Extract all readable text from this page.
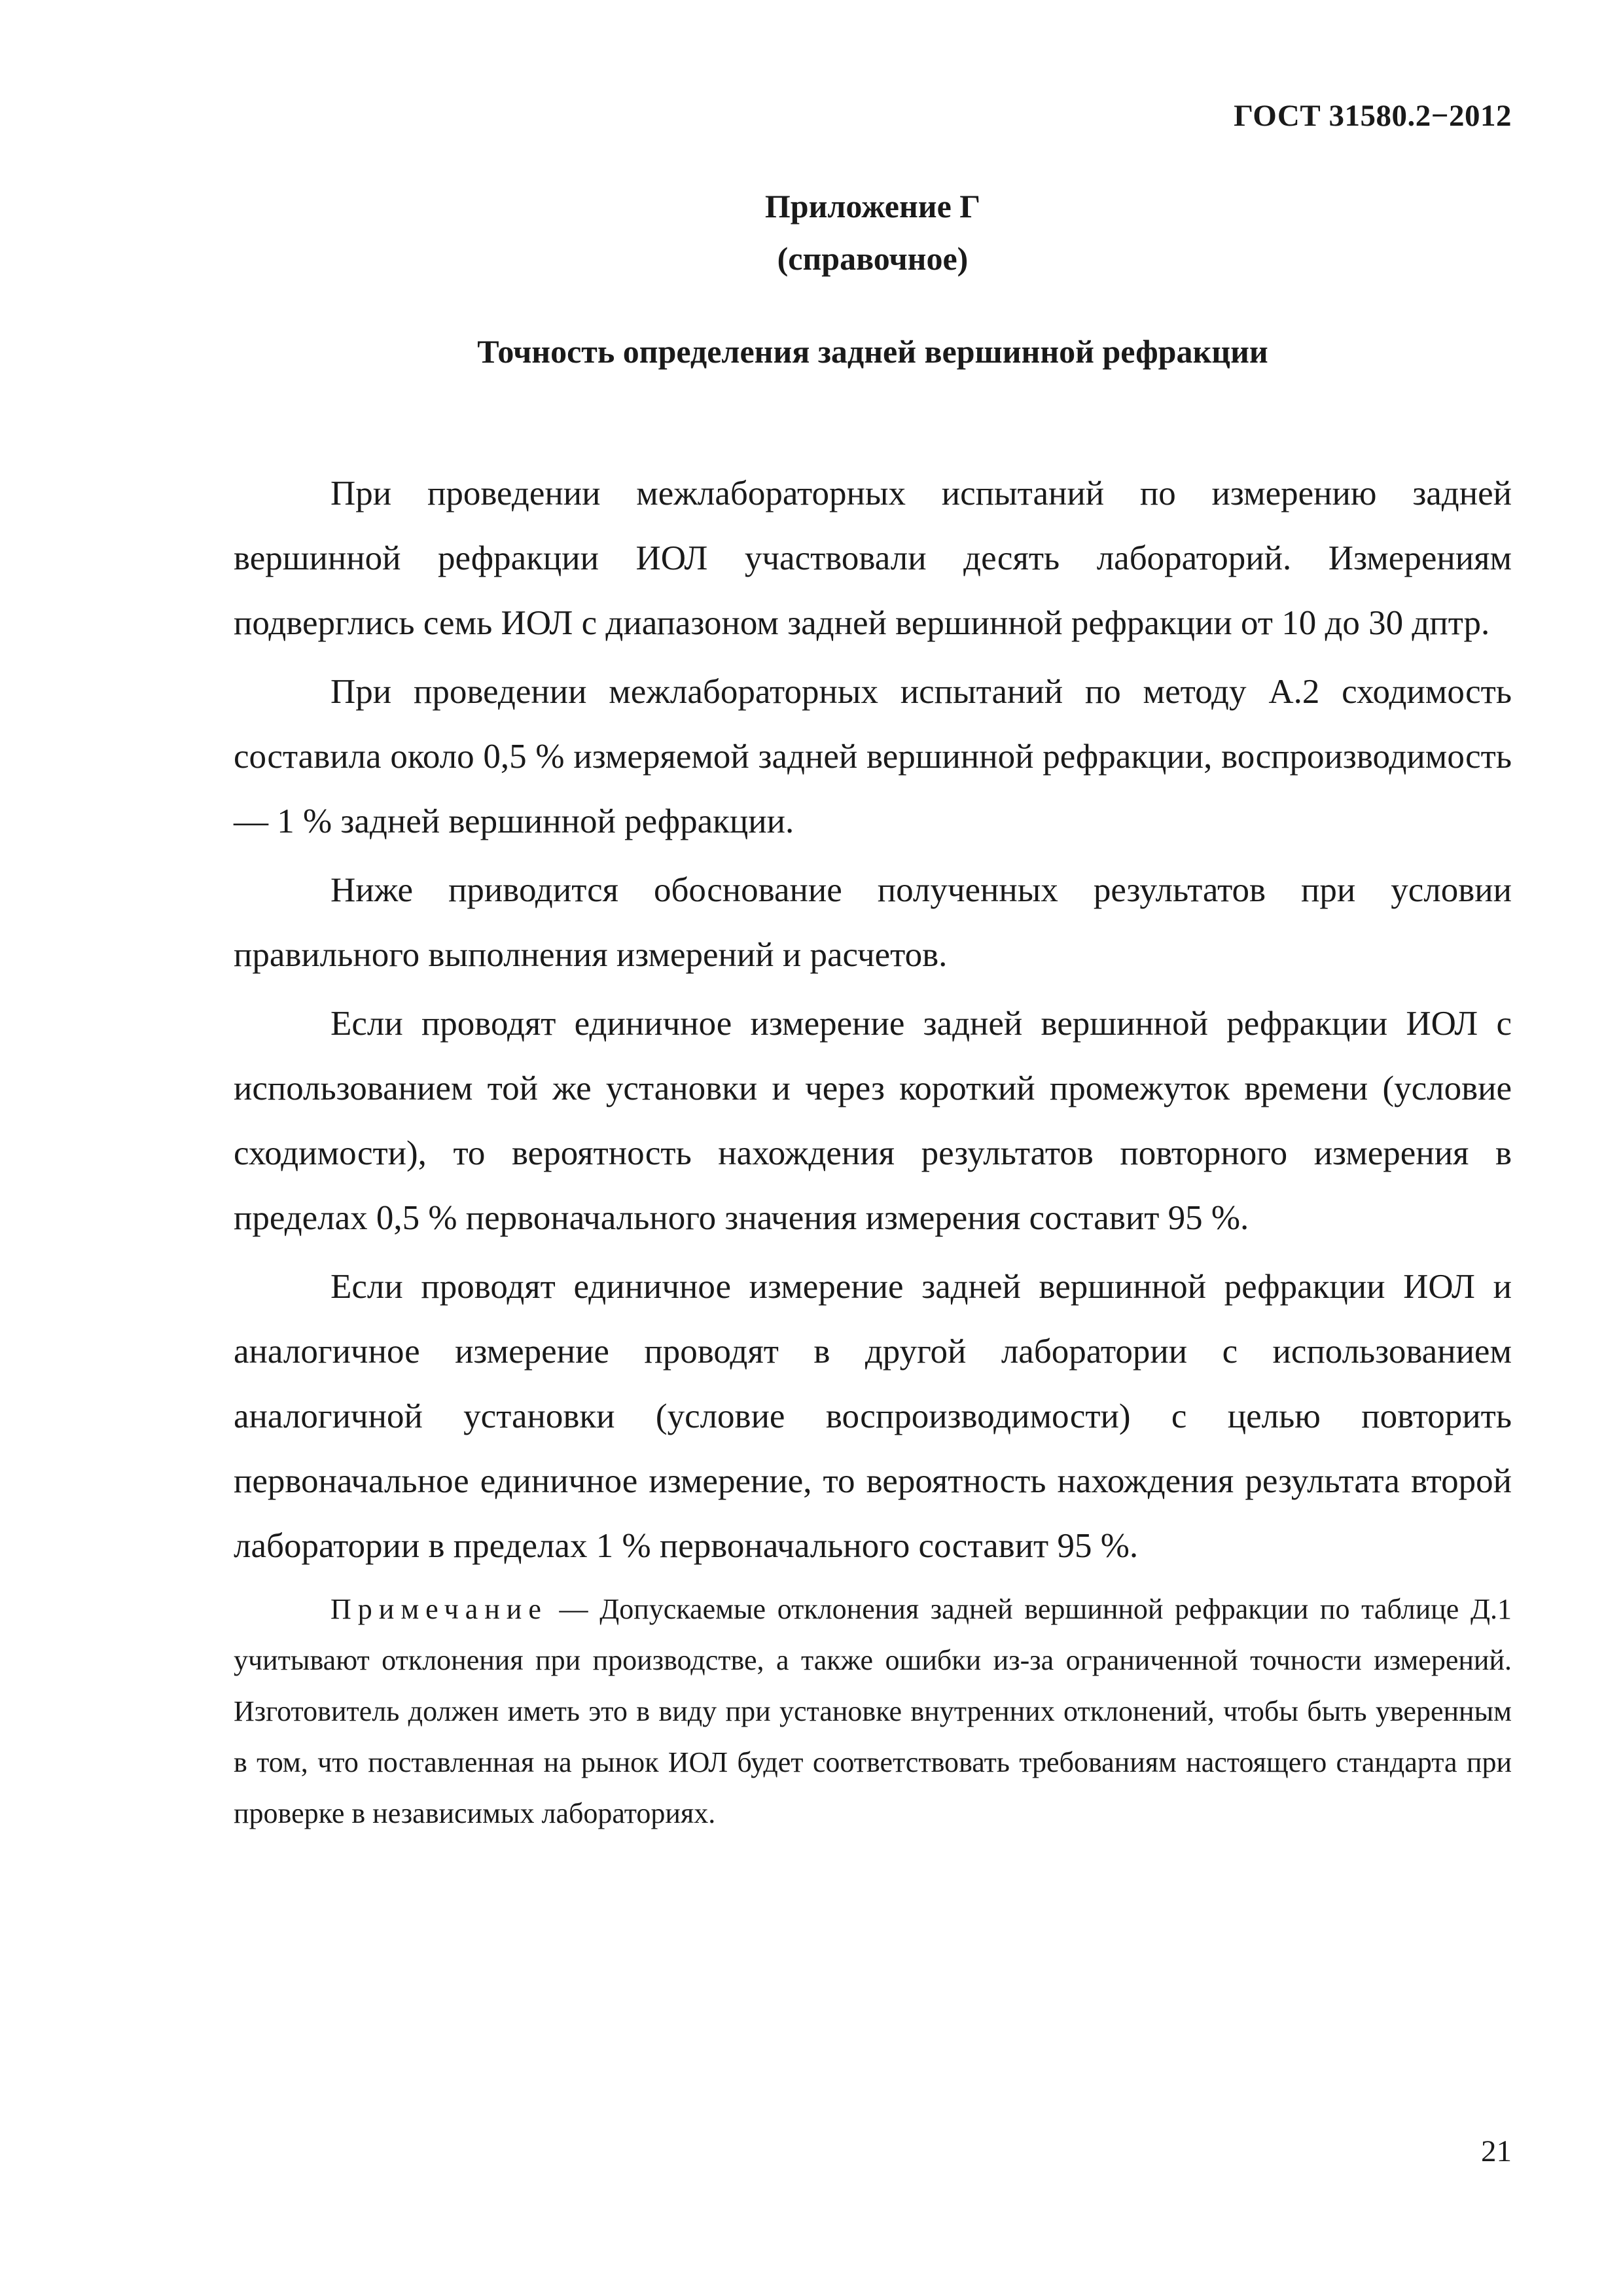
ГОСТ 31580.2−2012
Приложение Г
(справочное)
Точность определения задней вершинной рефракции

При проведении межлабораторных испытаний по измерению задней вершинной рефракции ИОЛ участвовали десять лабораторий. Измерениям подверглись семь ИОЛ с диапазоном задней вершинной рефракции от 10 до 30 дптр.

При проведении межлабораторных испытаний по методу А.2 сходимость составила около 0,5 % измеряемой задней вершинной рефракции, воспроизводимость — 1 % задней вершинной рефракции.

Ниже приводится обоснование полученных результатов при условии правильного выполнения измерений и расчетов.

Если проводят единичное измерение задней вершинной рефракции ИОЛ с использованием той же установки и через короткий промежуток времени (условие сходимости), то вероятность нахождения результатов повторного измерения в пределах 0,5 % первоначального значения измерения составит 95 %.

Если проводят единичное измерение задней вершинной рефракции ИОЛ и аналогичное измерение проводят в другой лаборатории с использованием аналогичной установки (условие воспроизводимости) с целью повторить первоначальное единичное измерение, то вероятность нахождения результата второй лаборатории в пределах 1 % первоначального составит 95 %.

Примечание — Допускаемые отклонения задней вершинной рефракции по таблице Д.1 учитывают отклонения при производстве, а также ошибки из-за ограниченной точности измерений. Изготовитель должен иметь это в виду при установке внутренних отклонений, чтобы быть уверенным в том, что поставленная на рынок ИОЛ будет соответствовать требованиям настоящего стандарта при проверке в независимых лабораториях.

21
